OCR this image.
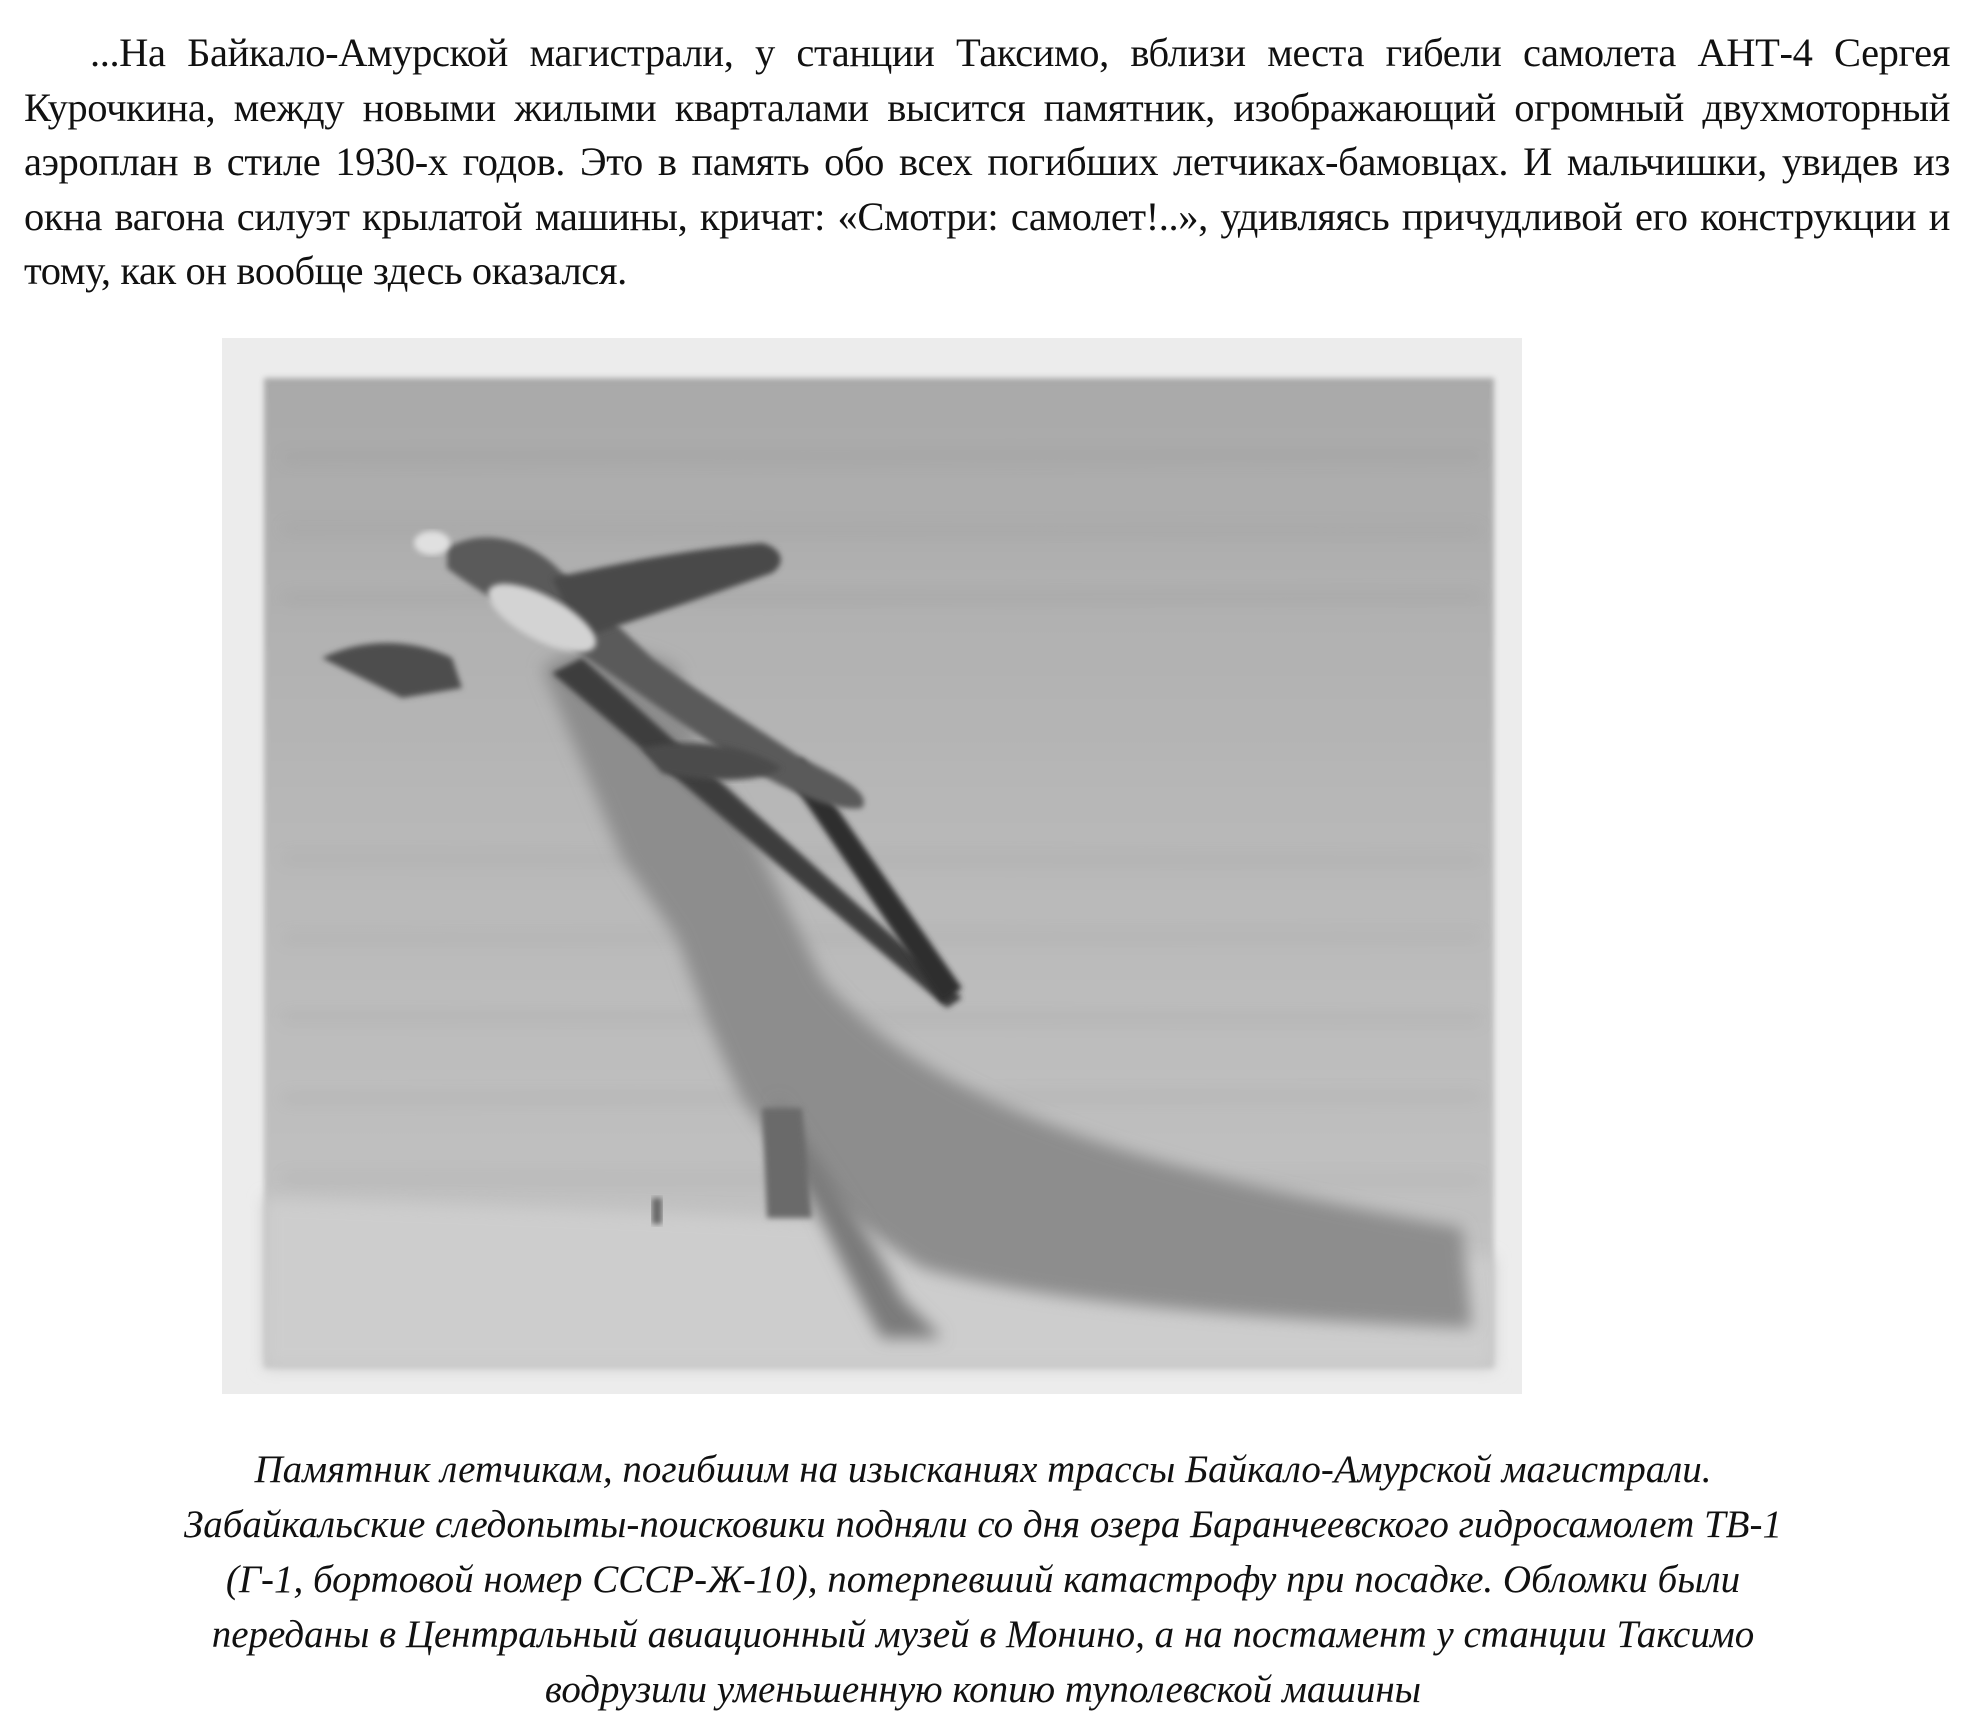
...На Байкало-Амурской магистрали, у станции Таксимо, вблизи места гибели самолета АНТ-4 Сергея Курочкина, между новыми жилыми кварталами высится памятник, изображающий огромный двухмоторный аэроплан в стиле 1930-х годов. Это в память обо всех погибших летчиках-бамовцах. И мальчишки, увидев из окна вагона силуэт крылатой машины, кричат: «Смотри: самолет!..», удивляясь причудливой его конструкции и тому, как он вообще здесь оказался.

Памятник летчикам, погибшим на изысканиях трассы Байкало-Амурской магистрали.
Забайкальские следопыты-поисковики подняли со дня озера Баранчеевского гидросамолет ТВ-1
(Г-1, бортовой номер СССР-Ж-10), потерпевший катастрофу при посадке. Обломки были
переданы в Центральный авиационный музей в Монино, а на постамент у станции Таксимо
водрузили уменьшенную копию туполевской машины
